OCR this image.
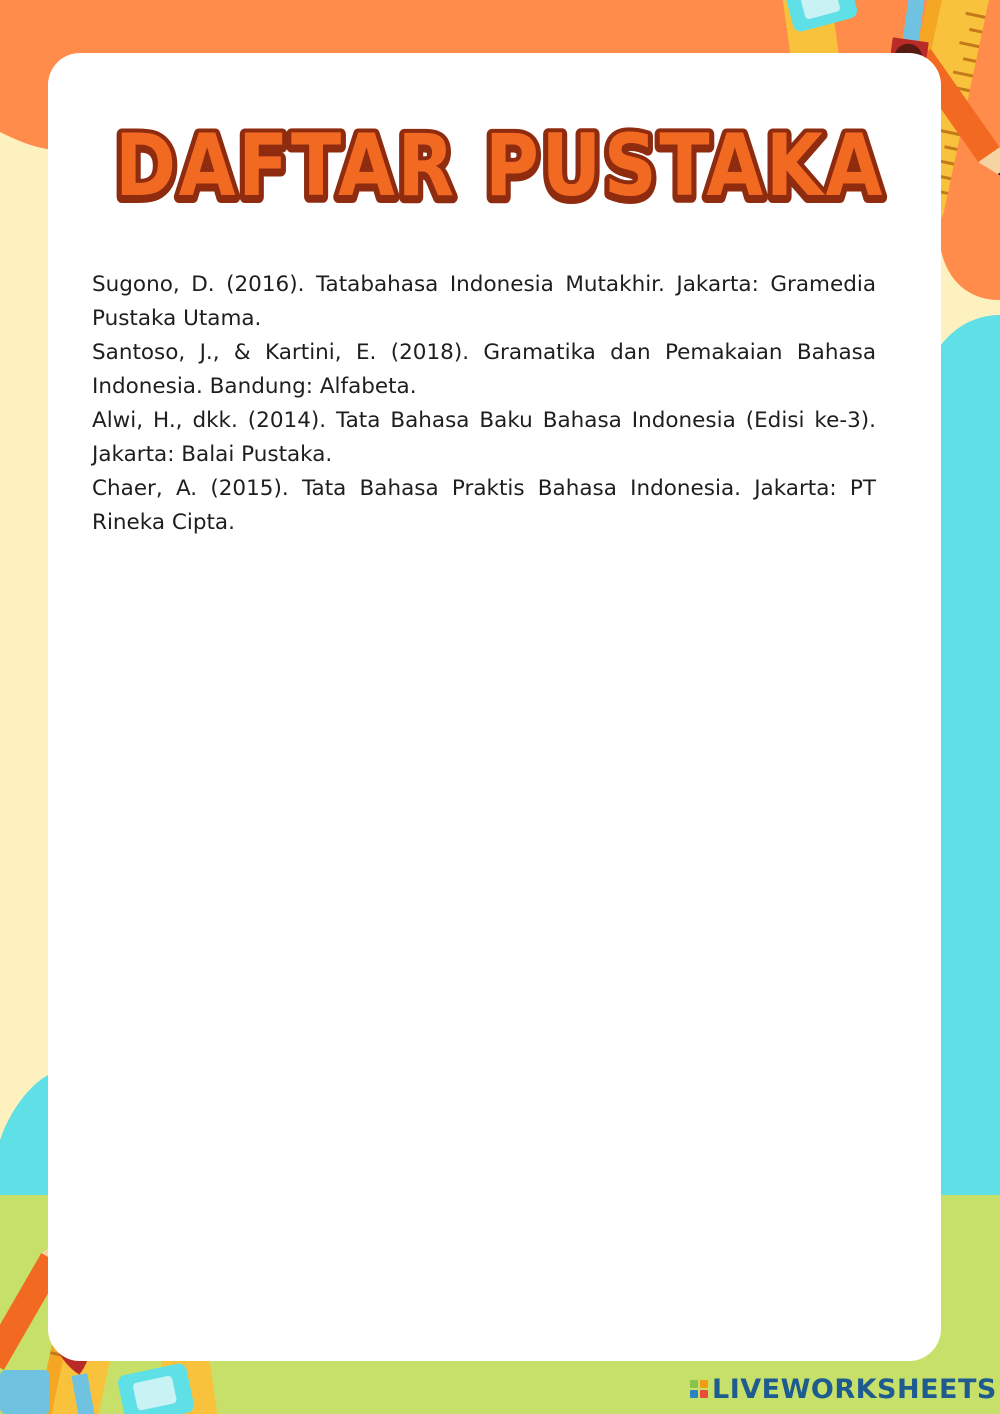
DAFTAR PUSTAKA
DAFTAR PUSTAKA

Sugono, D. (2016). Tatabahasa Indonesia Mutakhir. Jakarta: Gramedia Pustaka Utama.

Santoso, J., & Kartini, E. (2018). Gramatika dan Pemakaian Bahasa Indonesia. Bandung: Alfabeta.

Alwi, H., dkk. (2014). Tata Bahasa Baku Bahasa Indonesia (Edisi ke-3). Jakarta: Balai Pustaka.

Chaer, A. (2015). Tata Bahasa Praktis Bahasa Indonesia. Jakarta: PT Rineka Cipta.

LIVEWORKSHEETS
